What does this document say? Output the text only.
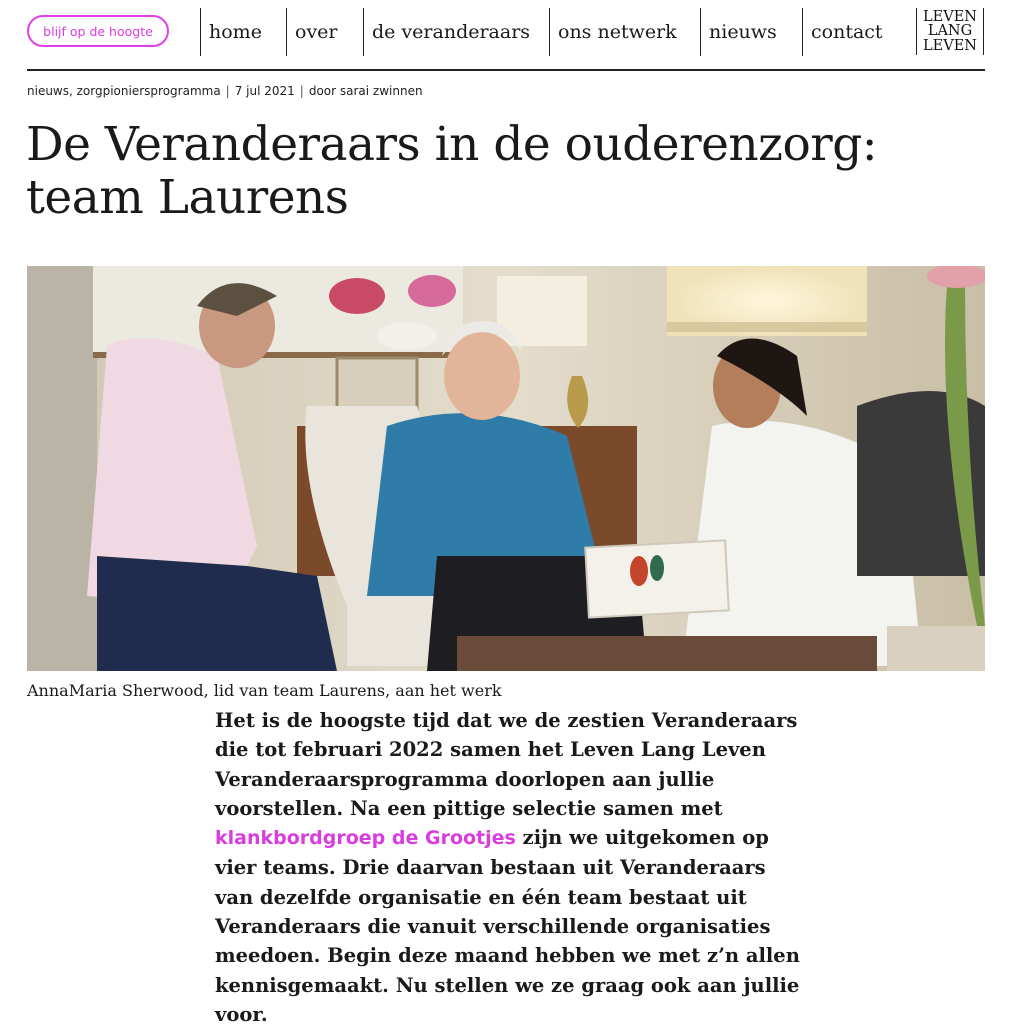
blijf op de hoogte	home	over	de veranderaars	ons netwerk	nieuws	contact
LEVEN
LANG
LEVEN
nieuws, zorgpioniersprogramma | 7 jul 2021 | door sarai zwinnen
De Veranderaars in de ouderenzorg: team Laurens
AnnaMaria Sherwood, lid van team Laurens, aan het werk

Het is de hoogste tijd dat we de zestien Veranderaars die tot februari 2022 samen het Leven Lang Leven Veranderaarsprogramma doorlopen aan jullie voorstellen. Na een pittige selectie samen met klankbordgroep de Grootjes zijn we uitgekomen op vier teams. Drie daarvan bestaan uit Veranderaars van dezelfde organisatie en één team bestaat uit Veranderaars die vanuit verschillende organisaties meedoen. Begin deze maand hebben we met z’n allen kennisgemaakt. Nu stellen we ze graag ook aan jullie voor.
